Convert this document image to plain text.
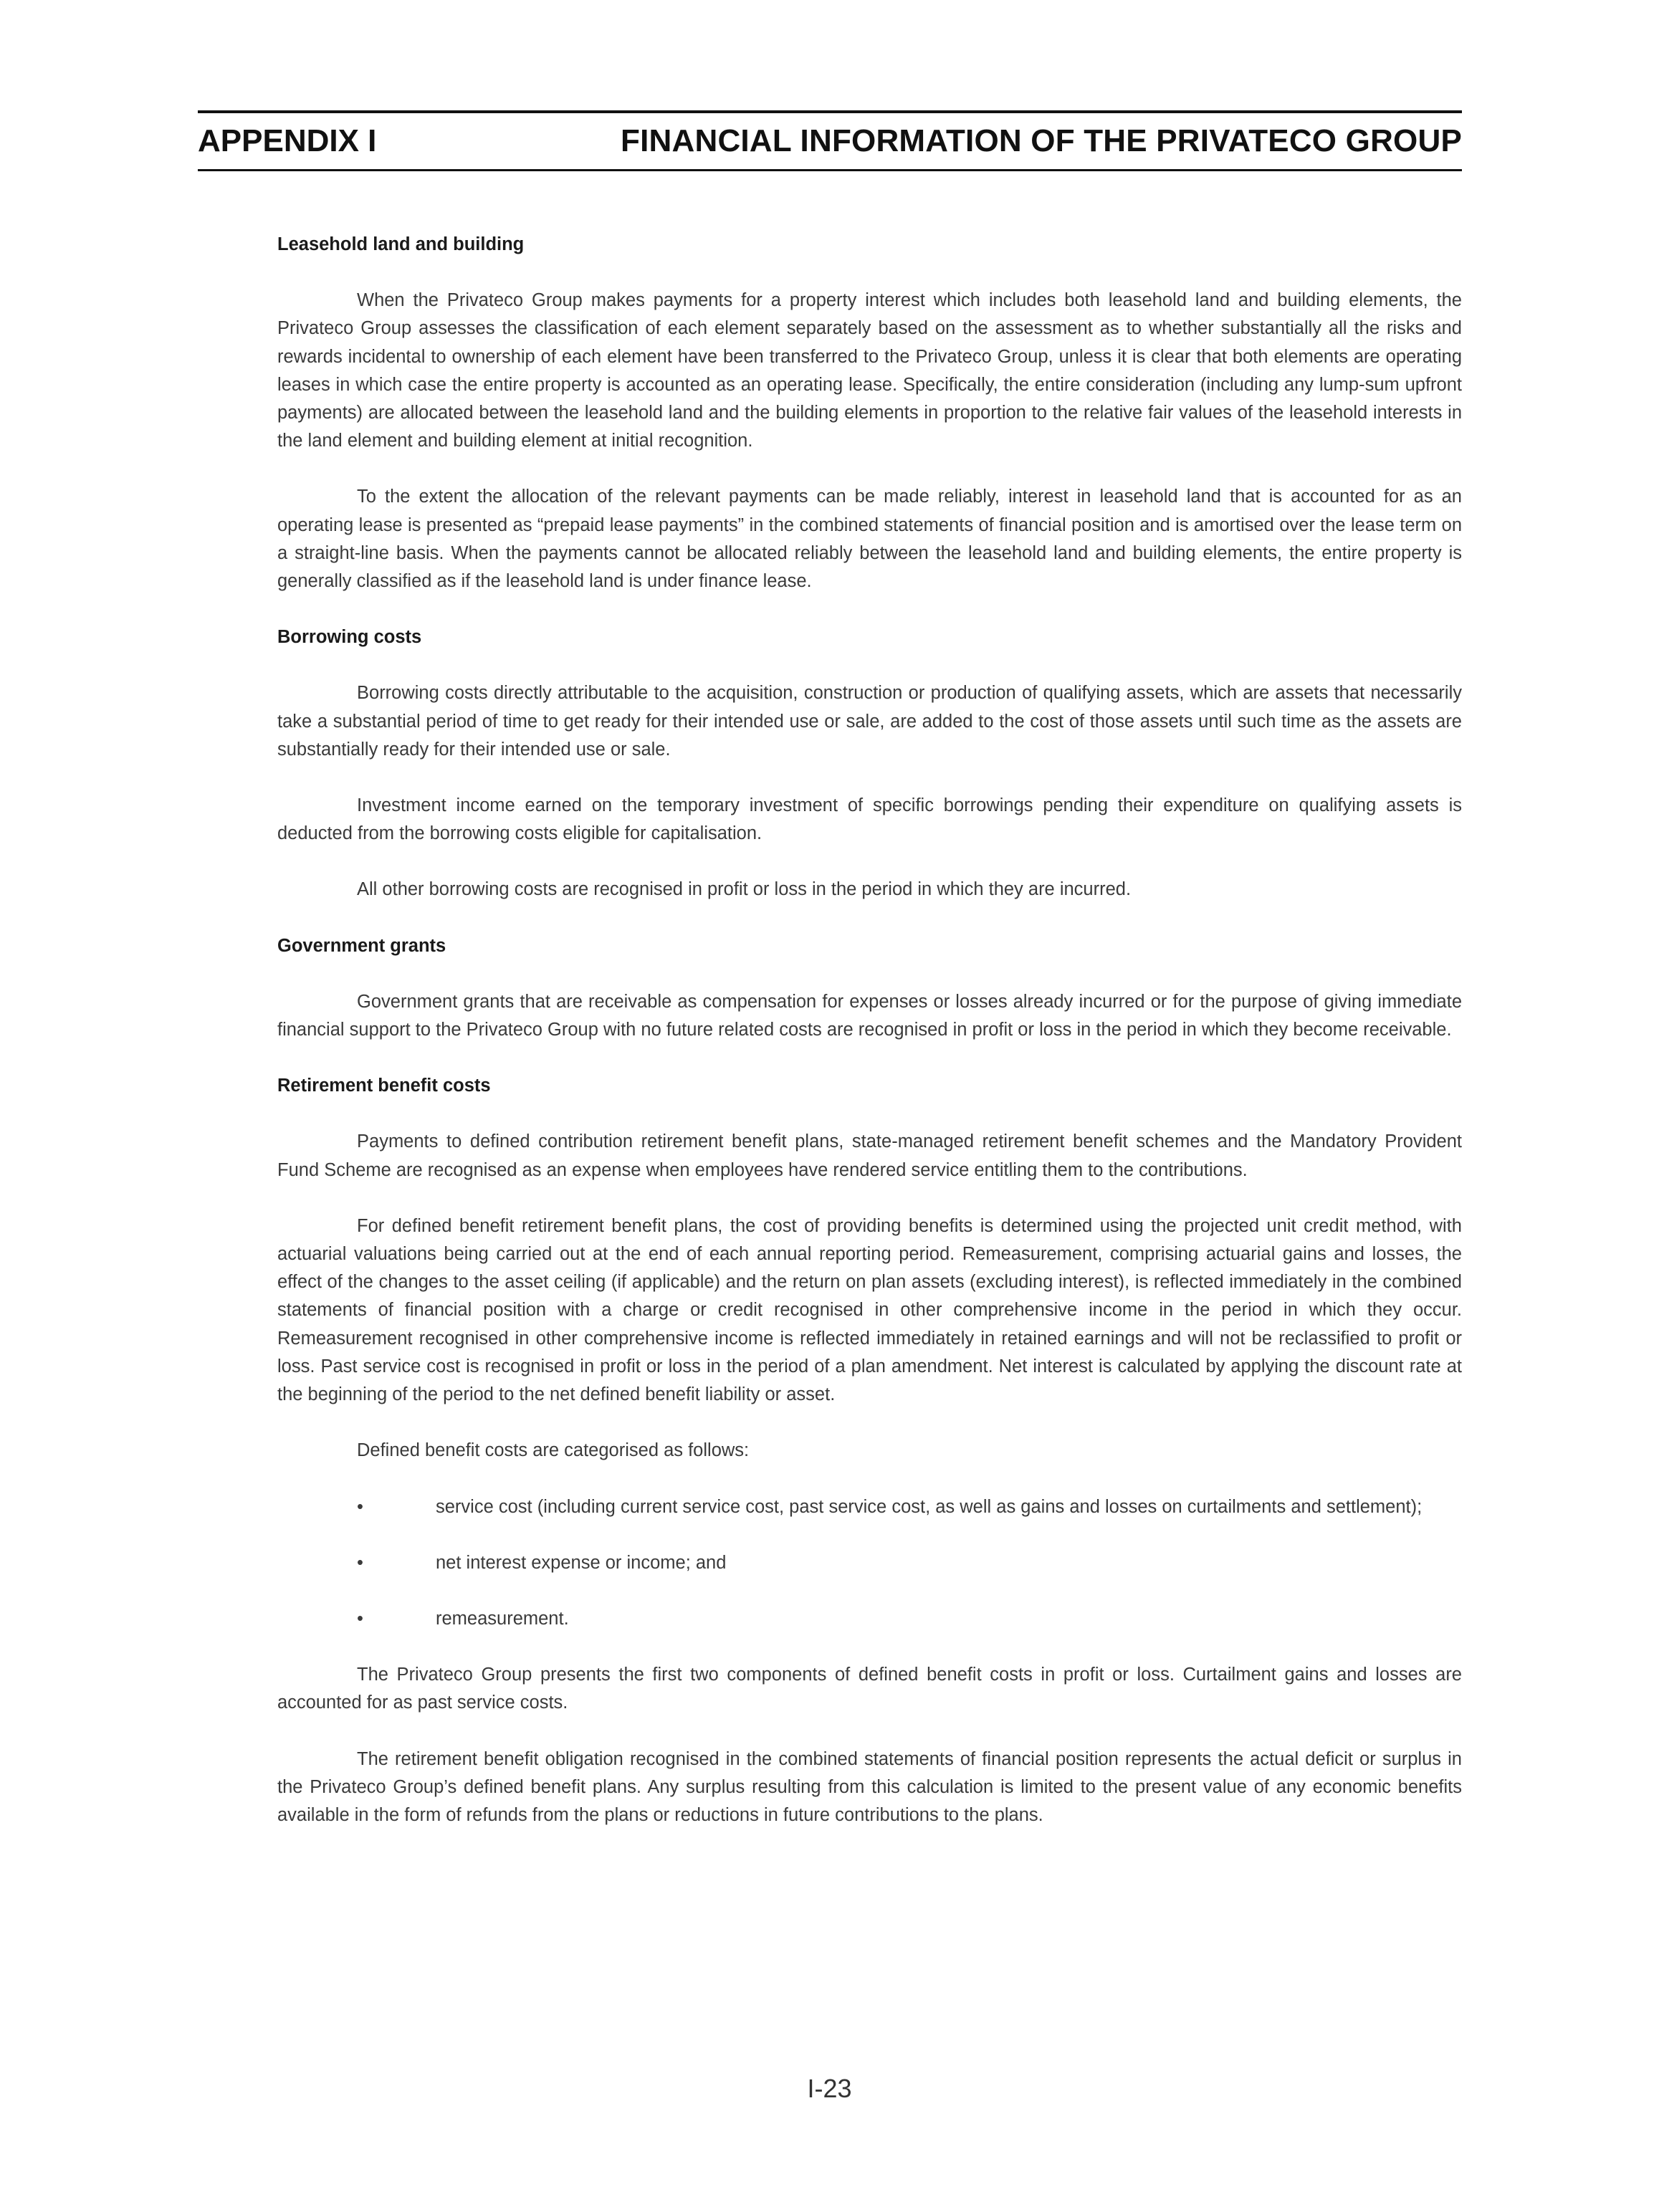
APPENDIX I	FINANCIAL INFORMATION OF THE PRIVATECO GROUP
Leasehold land and building

When the Privateco Group makes payments for a property interest which includes both leasehold land and building elements, the Privateco Group assesses the classification of each element separately based on the assessment as to whether substantially all the risks and rewards incidental to ownership of each element have been transferred to the Privateco Group, unless it is clear that both elements are operating leases in which case the entire property is accounted as an operating lease. Specifically, the entire consideration (including any lump-sum upfront payments) are allocated between the leasehold land and the building elements in proportion to the relative fair values of the leasehold interests in the land element and building element at initial recognition.

To the extent the allocation of the relevant payments can be made reliably, interest in leasehold land that is accounted for as an operating lease is presented as “prepaid lease payments” in the combined statements of financial position and is amortised over the lease term on a straight-line basis. When the payments cannot be allocated reliably between the leasehold land and building elements, the entire property is generally classified as if the leasehold land is under finance lease.

Borrowing costs

Borrowing costs directly attributable to the acquisition, construction or production of qualifying assets, which are assets that necessarily take a substantial period of time to get ready for their intended use or sale, are added to the cost of those assets until such time as the assets are substantially ready for their intended use or sale.

Investment income earned on the temporary investment of specific borrowings pending their expenditure on qualifying assets is deducted from the borrowing costs eligible for capitalisation.

All other borrowing costs are recognised in profit or loss in the period in which they are incurred.

Government grants

Government grants that are receivable as compensation for expenses or losses already incurred or for the purpose of giving immediate financial support to the Privateco Group with no future related costs are recognised in profit or loss in the period in which they become receivable.

Retirement benefit costs

Payments to defined contribution retirement benefit plans, state-managed retirement benefit schemes and the Mandatory Provident Fund Scheme are recognised as an expense when employees have rendered service entitling them to the contributions.

For defined benefit retirement benefit plans, the cost of providing benefits is determined using the projected unit credit method, with actuarial valuations being carried out at the end of each annual reporting period. Remeasurement, comprising actuarial gains and losses, the effect of the changes to the asset ceiling (if applicable) and the return on plan assets (excluding interest), is reflected immediately in the combined statements of financial position with a charge or credit recognised in other comprehensive income in the period in which they occur. Remeasurement recognised in other comprehensive income is reflected immediately in retained earnings and will not be reclassified to profit or loss. Past service cost is recognised in profit or loss in the period of a plan amendment. Net interest is calculated by applying the discount rate at the beginning of the period to the net defined benefit liability or asset.

Defined benefit costs are categorised as follows:

•	service cost (including current service cost, past service cost, as well as gains and losses on curtailments and settlement);
•	net interest expense or income; and
•	remeasurement.

The Privateco Group presents the first two components of defined benefit costs in profit or loss. Curtailment gains and losses are accounted for as past service costs.

The retirement benefit obligation recognised in the combined statements of financial position represents the actual deficit or surplus in the Privateco Group’s defined benefit plans. Any surplus resulting from this calculation is limited to the present value of any economic benefits available in the form of refunds from the plans or reductions in future contributions to the plans.

I-23
